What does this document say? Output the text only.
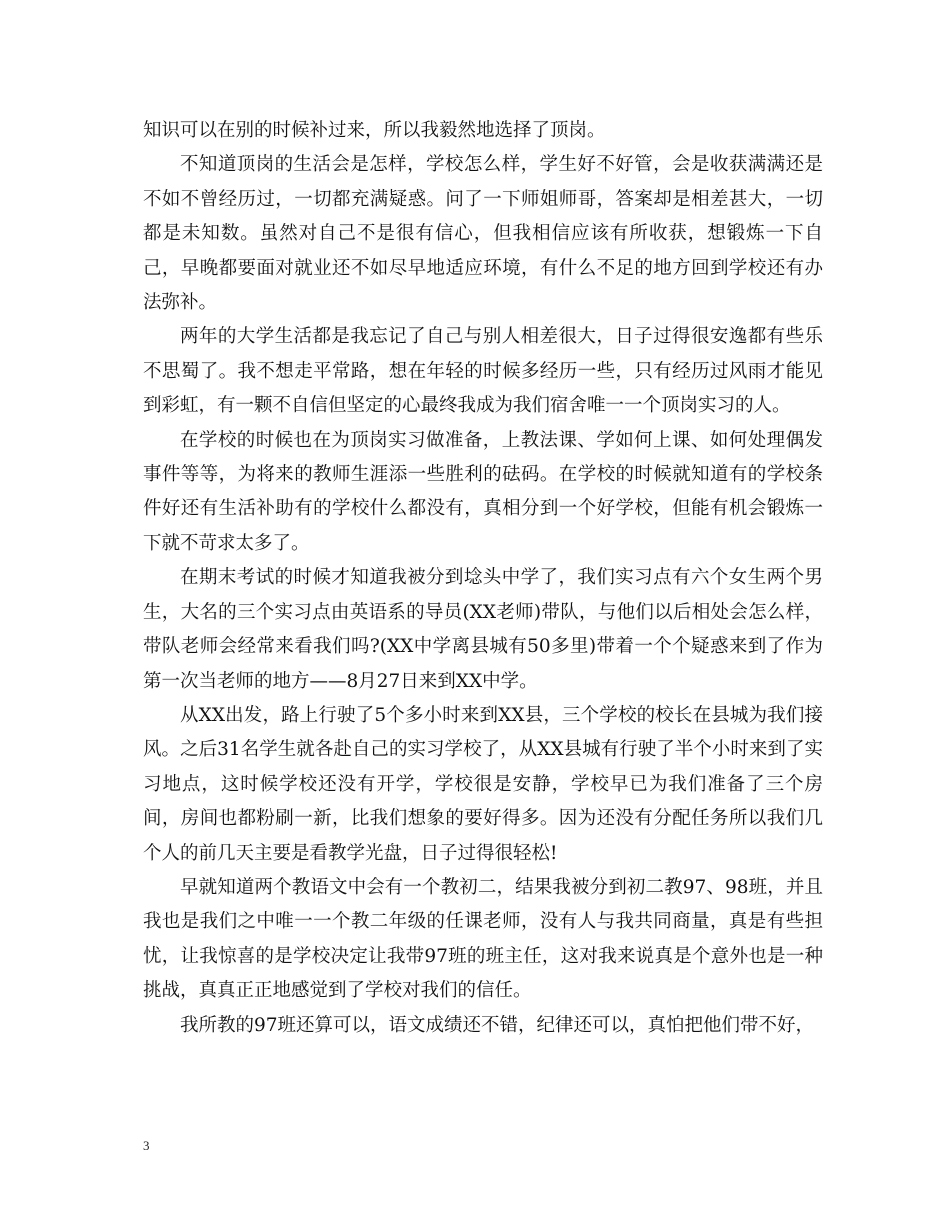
知识可以在别的时候补过来，所以我毅然地选择了顶岗。

不知道顶岗的生活会是怎样，学校怎么样，学生好不好管，会是收获满满还是不如不曾经历过，一切都充满疑惑。问了一下师姐师哥，答案却是相差甚大，一切都是未知数。虽然对自己不是很有信心，但我相信应该有所收获，想锻炼一下自己，早晚都要面对就业还不如尽早地适应环境，有什么不足的地方回到学校还有办法弥补。

两年的大学生活都是我忘记了自己与别人相差很大，日子过得很安逸都有些乐不思蜀了。我不想走平常路，想在年轻的时候多经历一些，只有经历过风雨才能见到彩虹，有一颗不自信但坚定的心最终我成为我们宿舍唯一一个顶岗实习的人。

在学校的时候也在为顶岗实习做准备，上教法课、学如何上课、如何处理偶发事件等等，为将来的教师生涯添一些胜利的砝码。在学校的时候就知道有的学校条件好还有生活补助有的学校什么都没有，真相分到一个好学校，但能有机会锻炼一下就不苛求太多了。

在期末考试的时候才知道我被分到埝头中学了，我们实习点有六个女生两个男生，大名的三个实习点由英语系的导员(XX老师)带队，与他们以后相处会怎么样，带队老师会经常来看我们吗?(XX中学离县城有50多里)带着一个个疑惑来到了作为第一次当老师的地方——8月27日来到XX中学。

从XX出发，路上行驶了5个多小时来到XX县，三个学校的校长在县城为我们接风。之后31名学生就各赴自己的实习学校了，从XX县城有行驶了半个小时来到了实习地点，这时候学校还没有开学，学校很是安静，学校早已为我们准备了三个房间，房间也都粉刷一新，比我们想象的要好得多。因为还没有分配任务所以我们几个人的前几天主要是看教学光盘，日子过得很轻松!

早就知道两个教语文中会有一个教初二，结果我被分到初二教97、98班，并且我也是我们之中唯一一个教二年级的任课老师，没有人与我共同商量，真是有些担忧，让我惊喜的是学校决定让我带97班的班主任，这对我来说真是个意外也是一种挑战，真真正正地感觉到了学校对我们的信任。

我所教的97班还算可以，语文成绩还不错，纪律还可以，真怕把他们带不好，

3
